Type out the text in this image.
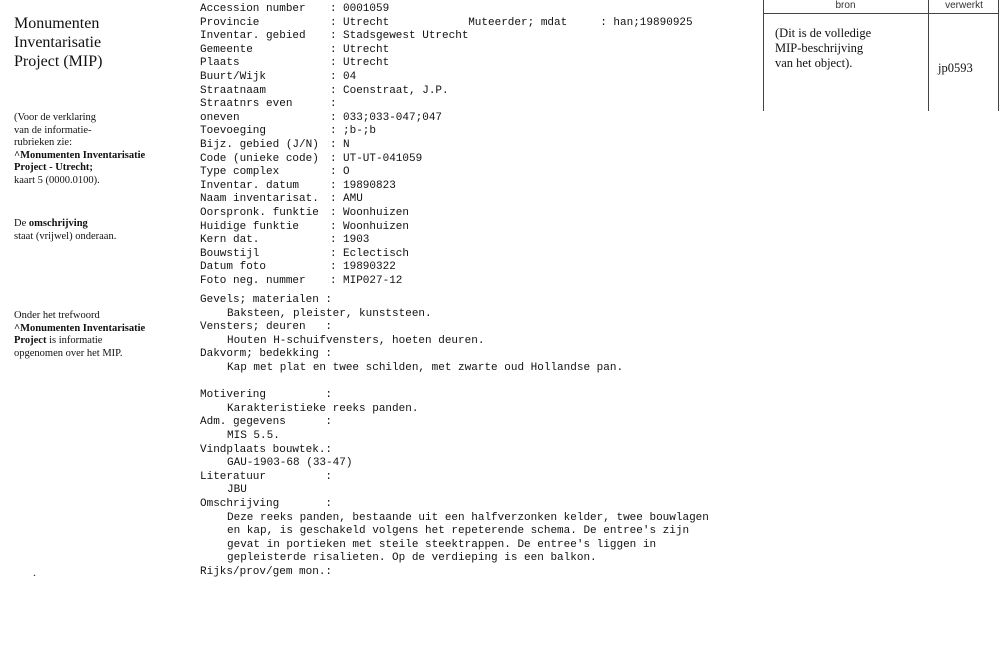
Monumenten
Inventarisatie
Project (MIP)
(Voor de verklaring
van de informatie-
rubrieken zie:
^Monumenten Inventarisatie
Project - Utrecht;
kaart 5 (0000.0100).
De omschrijving
staat (vrijwel) onderaan.
Onder het trefwoord
^Monumenten Inventarisatie
Project is informatie
opgenomen over het MIP.
.
Accession number : 0001059
Provincie	: Utrecht
Inventar. gebied : Stadsgewest Utrecht
Gemeente	: Utrecht
Plaats	: Utrecht
Buurt/Wijk	: 04
Straatnaam	: Coenstraat, J.P.
Straatnrs even	:
oneven	: 033;033-047;047
Toevoeging	: ;b-;b
Bijz. gebied (J/N) : N
Code (unieke code) : UT-UT-041059
Type complex	: O
Inventar. datum	: 19890823
Naam inventarisat. : AMU
Oorspronk. funktie : Woonhuizen
Huidige funktie	: Woonhuizen
Kern dat.	: 1903
Bouwstijl	: Eclectisch
Datum foto	: 19890322
Foto neg. nummer : MIP027-12

Muteerder; mdat	: han;19890925

Gevels; materialen :
Baksteen, pleister, kunststeen.
Vensters; deuren   :
Houten H-schuifvensters, hoeten deuren.
Dakvorm; bedekking :
Kap met plat en twee schilden, met zwarte oud Hollandse pan.
Motivering         :
Karakteristieke reeks panden.
Adm. gegevens      :
MIS 5.5.
Vindplaats bouwtek.:
GAU-1903-68 (33-47)
Literatuur         :
JBU
Omschrijving       :
Deze reeks panden, bestaande uit een halfverzonken kelder, twee bouwlagen
en kap, is geschakeld volgens het repeterende schema. De entree's zijn
gevat in portieken met steile steektrappen. De entree's liggen in
gepleisterde risalieten. Op de verdieping is een balkon.
Rijks/prov/gem mon.:
bron	verwerkt
(Dit is de volledige
MIP-beschrijving
van het object).	jp0593
